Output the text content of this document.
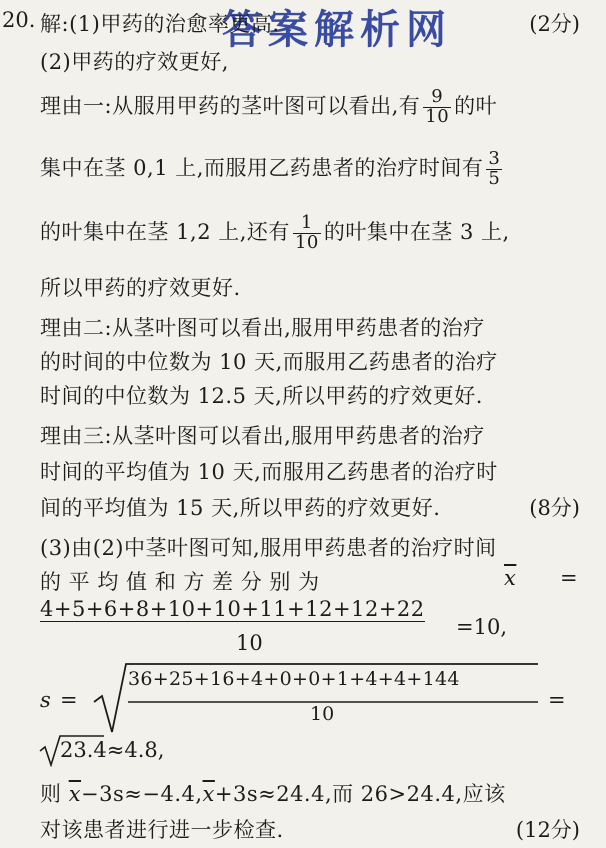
答案解析网
20. 解:(1)甲药的治愈率更高.	(2分)
(2)甲药的疗效更好,
理由一:从服用甲药的茎叶图可以看出,有 $\frac{9}{10}$ 的叶
集中在茎 0,1 上,而服用乙药患者的治疗时间有 $\frac{3}{5}$
的叶集中在茎 1,2 上,还有 $\frac{1}{10}$ 的叶集中在茎 3 上,
所以甲药的疗效更好.
理由二:从茎叶图可以看出,服用甲药患者的治疗
的时间的中位数为 10 天,而服用乙药患者的治疗
时间的中位数为 12.5 天,所以甲药的疗效更好.
理由三:从茎叶图可以看出,服用甲药患者的治疗
时间的平均值为 10 天,而服用乙药患者的治疗时
间的平均值为 15 天,所以甲药的疗效更好.	(8分)
(3)由(2)中茎叶图可知,服用甲药患者的治疗时间
的 平 均 值 和 方 差 分 别 为	$\overline{x}$ =
4+5+6+8+10+10+11+12+12+22
10
=10,
s =
36+25+16+4+0+0+1+4+4+144
10
=
23.4≈4.8,
则 $\overline{x}-3s\approx-4.4,\overline{x}+3s\approx 24.4$,而 26>24.4,应该
对该患者进行进一步检查.	(12分)
